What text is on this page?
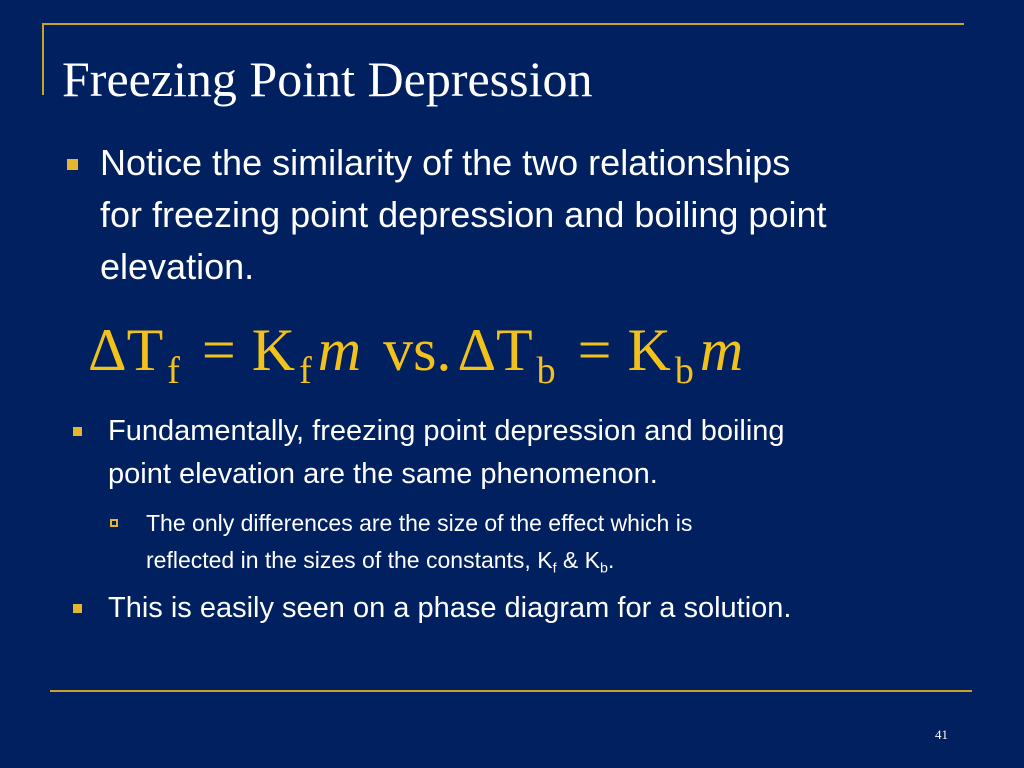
Freezing Point Depression
Notice the similarity of the two relationships
for freezing point depression and boiling point
elevation.
ΔT f = K f m vs. ΔT b = K b m
Fundamentally, freezing point depression and boiling
point elevation are the same phenomenon.
The only differences are the size of the effect which is
reflected in the sizes of the constants, $K_f$ & $K_b$.
This is easily seen on a phase diagram for a solution.
41
